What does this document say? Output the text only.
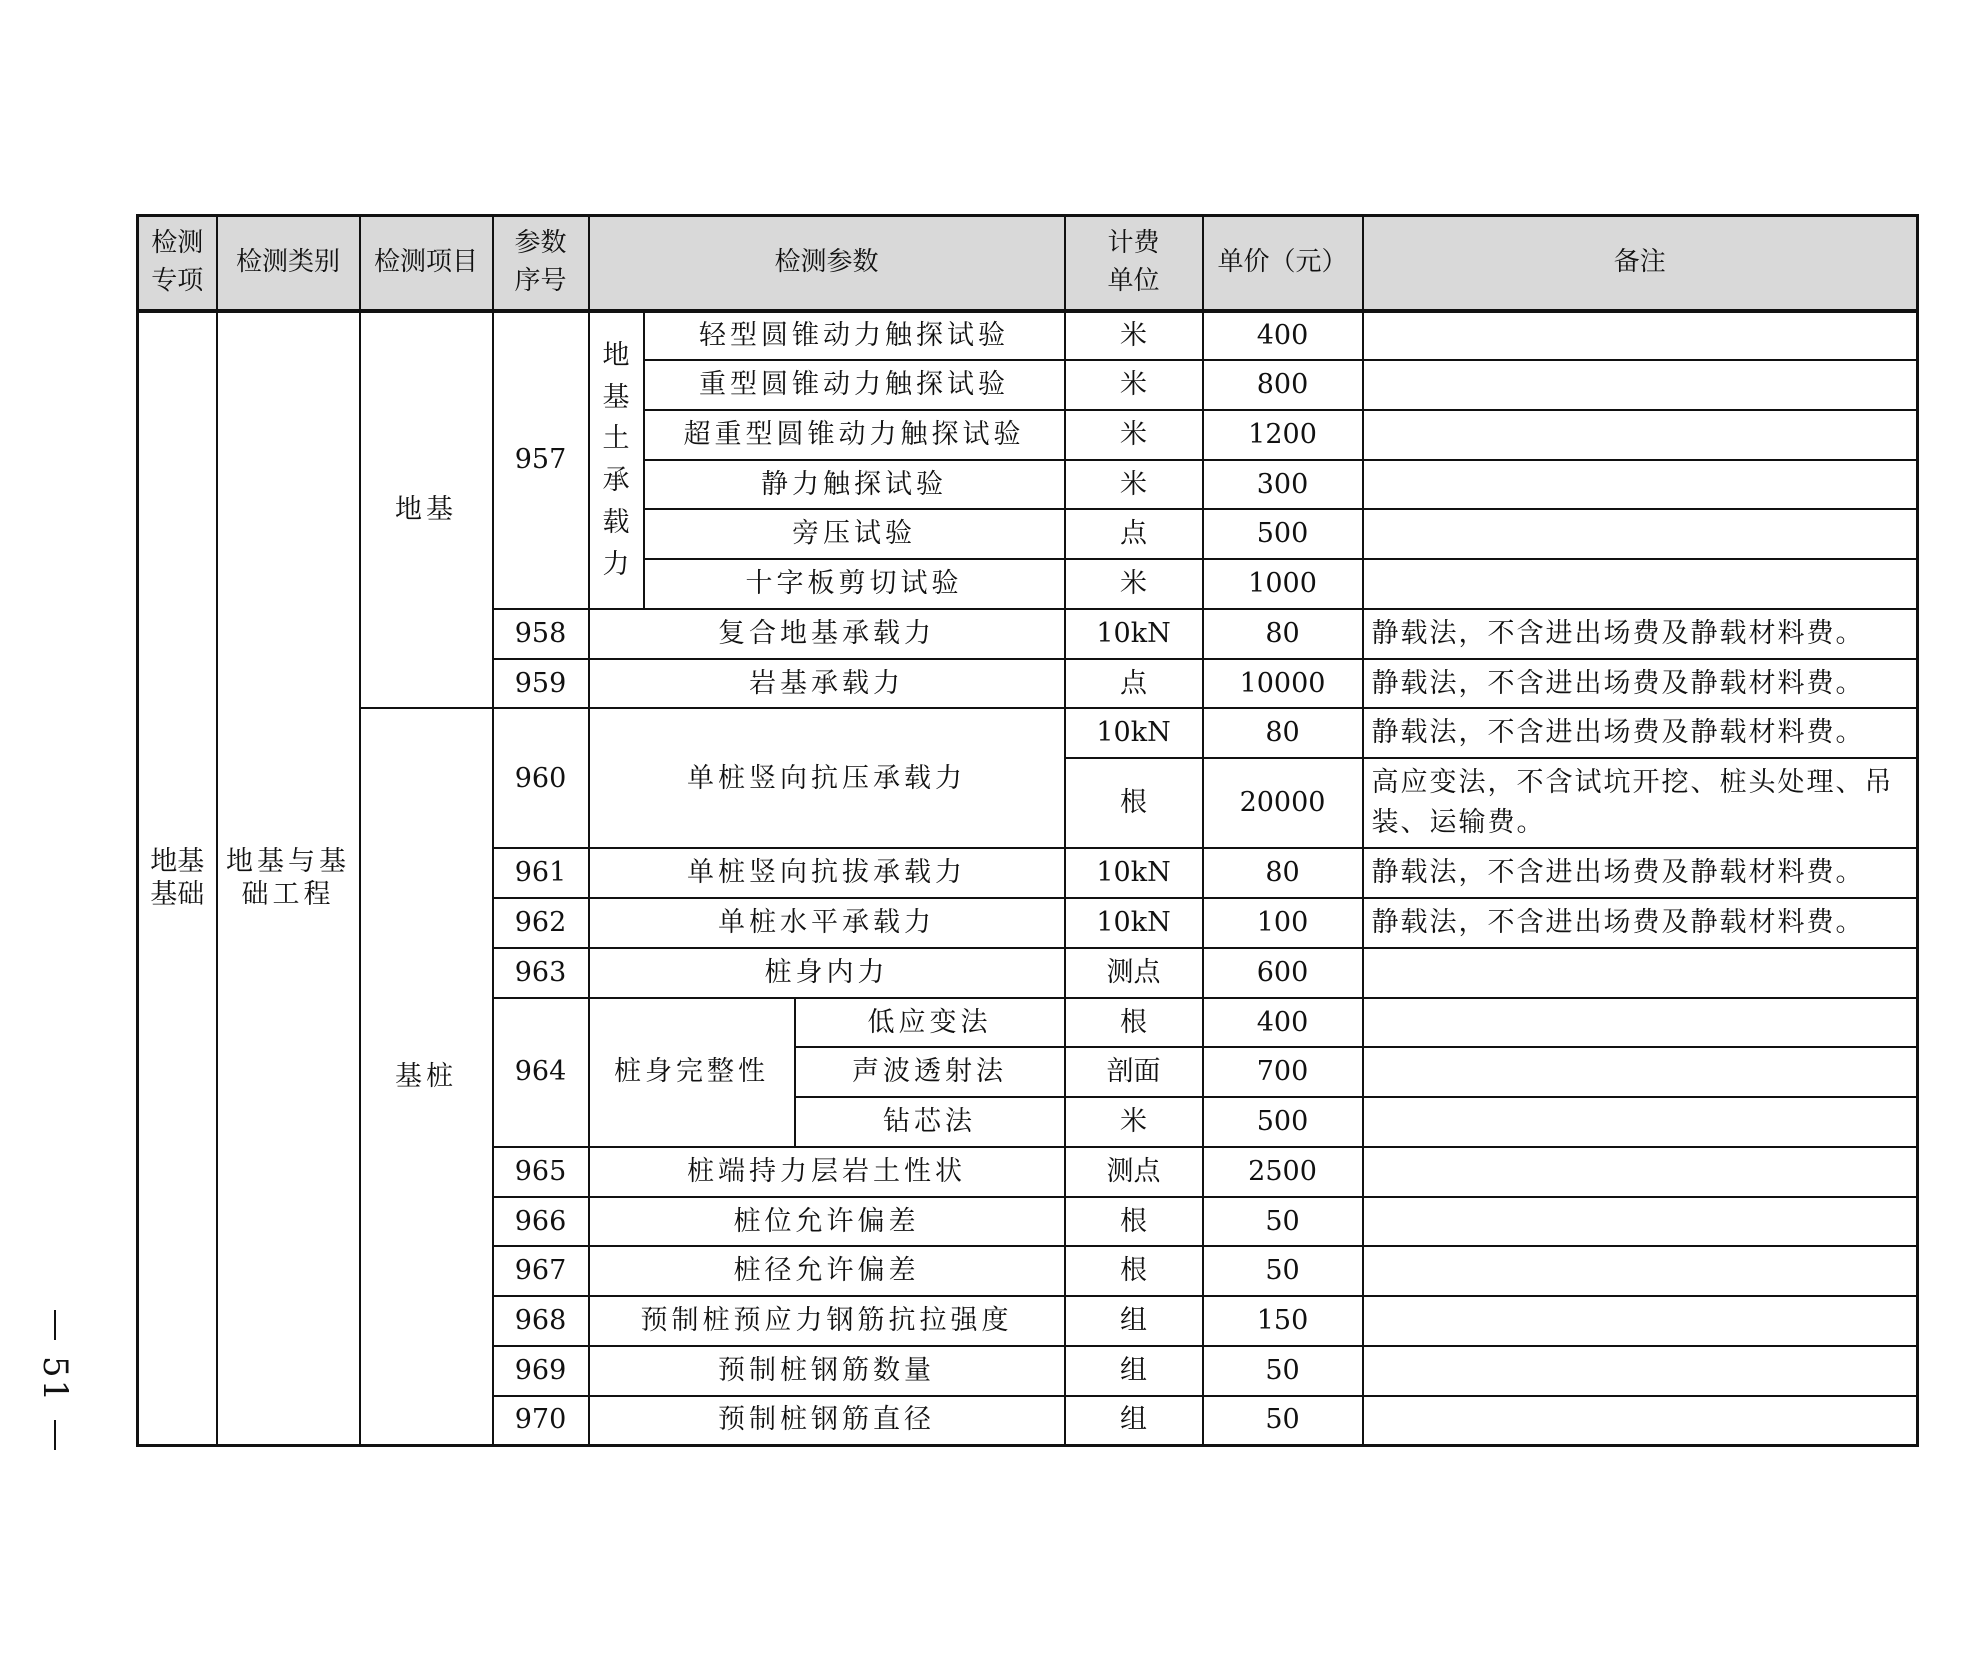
检测专项	检测类别	检测项目	参数序号	检测参数			计费单位	单价（元）	备注
地基基础	地基与基础工程	地基	957	地基土承载力	轻型圆锥动力触探试验		米	400	
					重型圆锥动力触探试验		米	800	
					超重型圆锥动力触探试验		米	1200	
					静力触探试验		米	300	
					旁压试验		点	500	
					十字板剪切试验		米	1000	
			958	复合地基承载力			10kN	80	静载法，不含进出场费及静载材料费。
			959	岩基承载力			点	10000	静载法，不含进出场费及静载材料费。
		基桩	960	单桩竖向抗压承载力			10kN	80	静载法，不含进出场费及静载材料费。
							根	20000	高应变法，不含试坑开挖、桩头处理、吊装、运输费。
			961	单桩竖向抗拔承载力			10kN	80	静载法，不含进出场费及静载材料费。
			962	单桩水平承载力			10kN	100	静载法，不含进出场费及静载材料费。
			963	桩身内力			测点	600	
			964	桩身完整性		低应变法	根	400	
						声波透射法	剖面	700	
						钻芯法	米	500	
			965	桩端持力层岩土性状			测点	2500	
			966	桩位允许偏差			根	50	
			967	桩径允许偏差			根	50	
			968	预制桩预应力钢筋抗拉强度			组	150	
			969	预制桩钢筋数量			组	50	
			970	预制桩钢筋直径			组	50	
51
